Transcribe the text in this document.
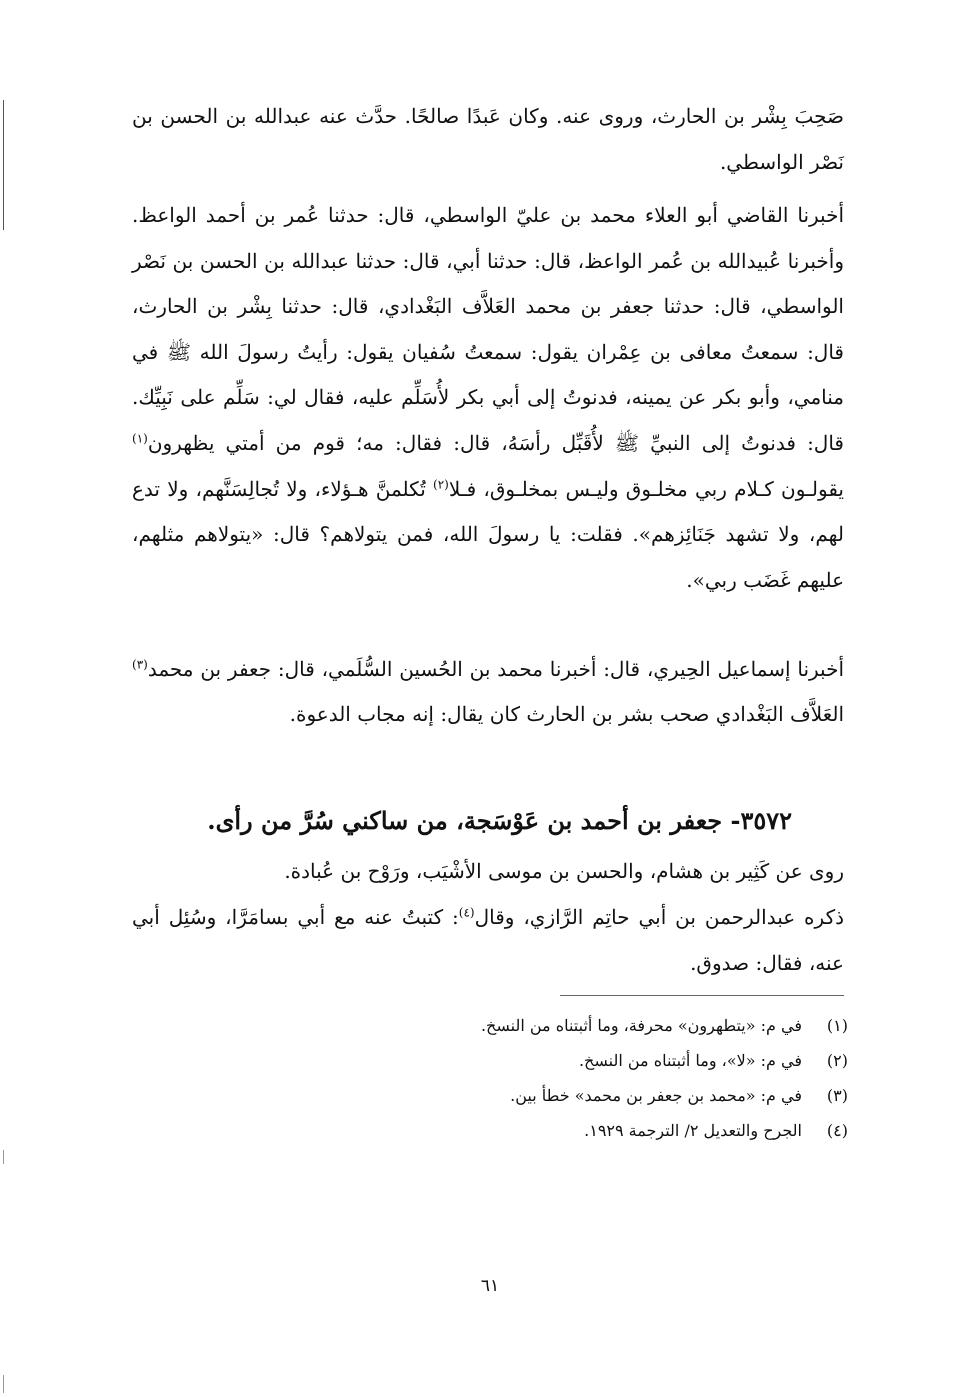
صَحِبَ بِشْر بن الحارث، وروى عنه. وكان عَبدًا صالحًا. حدَّث عنه عبدالله بن الحسن بن نَصْر الواسطي.

أخبرنا القاضي أبو العلاء محمد بن عليّ الواسطي، قال: حدثنا عُمر بن أحمد الواعظ. وأخبرنا عُبيدالله بن عُمر الواعظ، قال: حدثنا أبي، قال: حدثنا عبدالله بن الحسن بن نَصْر الواسطي، قال: حدثنا جعفر بن محمد العَلاَّف البَغْدادي، قال: حدثنا بِشْر بن الحارث، قال: سمعتُ معافى بن عِمْران يقول: سمعتُ سُفيان يقول: رأيتُ رسولَ الله ﷺ في منامي، وأبو بكر عن يمينه، فدنوتُ إلى أبي بكر لأُسَلِّم عليه، فقال لي: سَلِّم على نَبِيِّك. قال: فدنوتُ إلى النبيِّ ﷺ لأُقَبِّل رأسَهُ، قال: فقال: مه؛ قوم من أمتي يظهرون$^{(١)}$ يقولـون كـلام ربي مخلـوق وليـس بمخلـوق، فـلا$^{(٢)}$ تُكلمنَّ هـؤلاء، ولا تُجالِسَنَّهم، ولا تدع لهم، ولا تشهد جَنَائِزهم». فقلت: يا رسولَ الله، فمن يتولاهم؟ قال: «يتولاهم مثلهم، عليهم غَضَب ربي».

أخبرنا إسماعيل الحِيري، قال: أخبرنا محمد بن الحُسين السُّلَمي، قال: جعفر بن محمد$^{(٣)}$ العَلاَّف البَغْدادي صحب بشر بن الحارث كان يقال: إنه مجاب الدعوة.

٣٥٧٢- جعفر بن أحمد بن عَوْسَجة، من ساكني سُرَّ من رأى.

روى عن كَثِير بن هشام، والحسن بن موسى الأشْيَب، ورَوْح بن عُبادة.

ذكره عبدالرحمن بن أبي حاتِم الرَّازي، وقال$^{(٤)}$: كتبتُ عنه مع أبي بسامَرَّا، وسُئِل أبي عنه، فقال: صدوق.

(١)
في م: «يتطهرون» محرفة، وما أثبتناه من النسخ.
(٢)
في م: «لا»، وما أثبتناه من النسخ.
(٣)
في م: «محمد بن جعفر بن محمد» خطأ بين.
(٤)
الجرح والتعديل ٢/ الترجمة ١٩٢٩.
٦١
